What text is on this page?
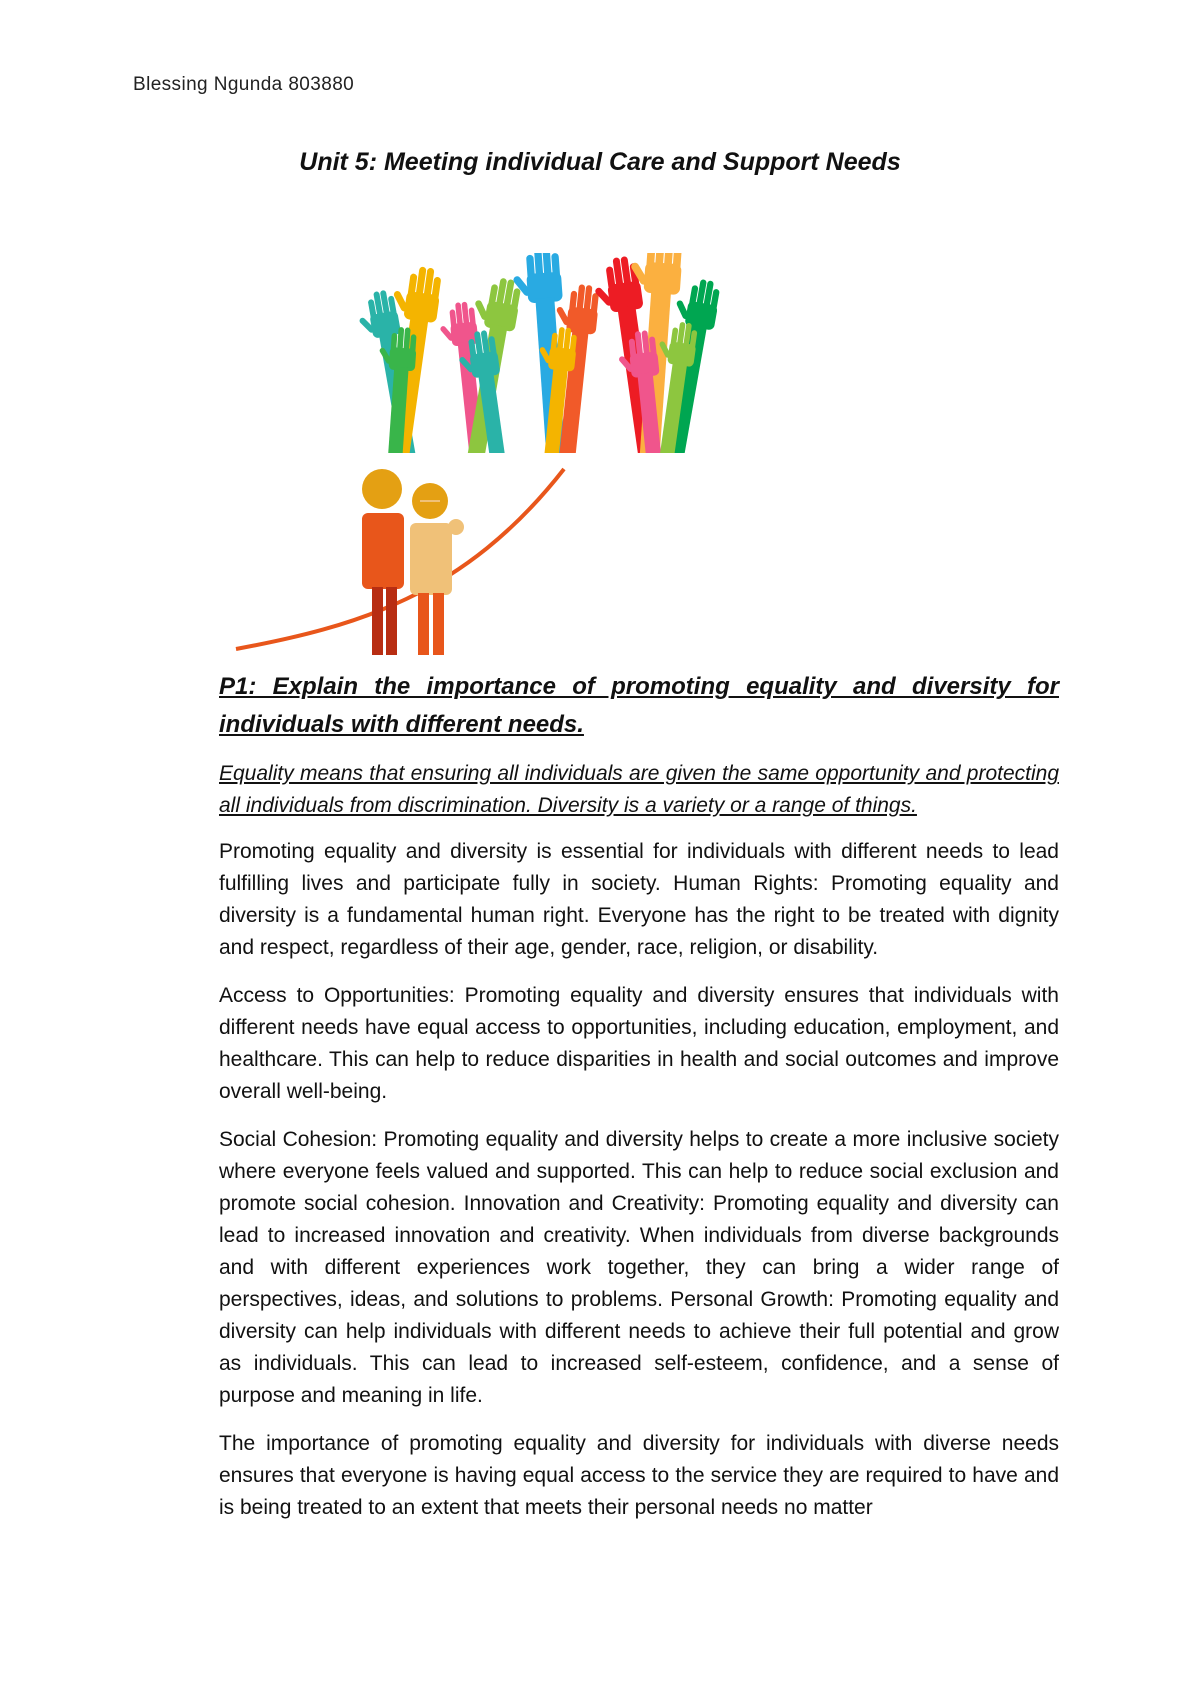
Blessing Ngunda 803880
Unit 5: Meeting individual Care and Support Needs
P1: Explain the importance of promoting equality and diversity for individuals with different needs.
Equality means that ensuring all individuals are given the same opportunity and protecting all individuals from discrimination. Diversity is a variety or a range of things.

Promoting equality and diversity is essential for individuals with different needs to lead fulfilling lives and participate fully in society. Human Rights: Promoting equality and diversity is a fundamental human right. Everyone has the right to be treated with dignity and respect, regardless of their age, gender, race, religion, or disability.

Access to Opportunities: Promoting equality and diversity ensures that individuals with different needs have equal access to opportunities, including education, employment, and healthcare. This can help to reduce disparities in health and social outcomes and improve overall well-being.

Social Cohesion: Promoting equality and diversity helps to create a more inclusive society where everyone feels valued and supported. This can help to reduce social exclusion and promote social cohesion. Innovation and Creativity: Promoting equality and diversity can lead to increased innovation and creativity. When individuals from diverse backgrounds and with different experiences work together, they can bring a wider range of perspectives, ideas, and solutions to problems. Personal Growth: Promoting equality and diversity can help individuals with different needs to achieve their full potential and grow as individuals. This can lead to increased self-esteem, confidence, and a sense of purpose and meaning in life.

The importance of promoting equality and diversity for individuals with diverse needs ensures that everyone is having equal access to the service they are required to have and is being treated to an extent that meets their personal needs no matter
